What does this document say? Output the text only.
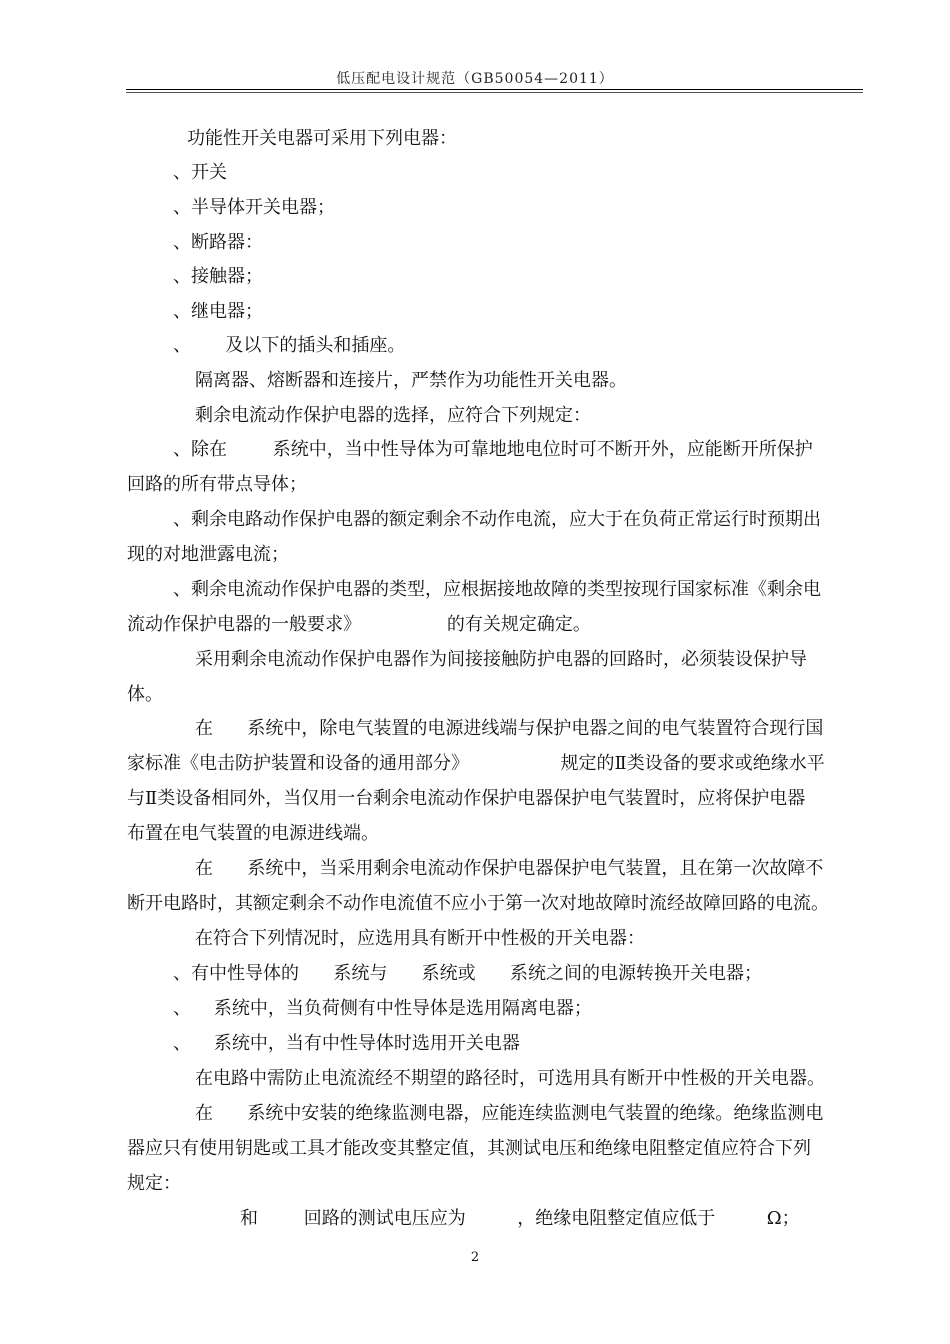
低压配电设计规范（GB50054—2011）
功能性开关电器可采用下列电器：
、开关
、半导体开关电器；
、断路器：
、接触器；
、继电器；
、      及以下的插头和插座。
隔离器、熔断器和连接片，严禁作为功能性开关电器。
剩余电流动作保护电器的选择，应符合下列规定：
、除在        系统中，当中性导体为可靠地地电位时可不断开外，应能断开所保护
回路的所有带点导体；
、剩余电路动作保护电器的额定剩余不动作电流，应大于在负荷正常运行时预期出
现的对地泄露电流；
、剩余电流动作保护电器的类型，应根据接地故障的类型按现行国家标准《剩余电
流动作保护电器的一般要求》               的有关规定确定。
采用剩余电流动作保护电器作为间接接触防护电器的回路时，必须装设保护导
体。
在      系统中，除电气装置的电源进线端与保护电器之间的电气装置符合现行国
家标准《电击防护装置和设备的通用部分》                规定的Ⅱ类设备的要求或绝缘水平
与Ⅱ类设备相同外，当仅用一台剩余电流动作保护电器保护电气装置时，应将保护电器
布置在电气装置的电源进线端。
在      系统中，当采用剩余电流动作保护电器保护电气装置，且在第一次故障不
断开电路时，其额定剩余不动作电流值不应小于第一次对地故障时流经故障回路的电流。
在符合下列情况时，应选用具有断开中性极的开关电器：
、有中性导体的      系统与      系统或      系统之间的电源转换开关电器；
、    系统中，当负荷侧有中性导体是选用隔离电器；
、    系统中，当有中性导体时选用开关电器
在电路中需防止电流流经不期望的路径时，可选用具有断开中性极的开关电器。
在      系统中安装的绝缘监测电器，应能连续监测电气装置的绝缘。绝缘监测电
器应只有使用钥匙或工具才能改变其整定值，其测试电压和绝缘电阻整定值应符合下列
规定：
和        回路的测试电压应为         ，绝缘电阻整定值应低于         Ω；
2
